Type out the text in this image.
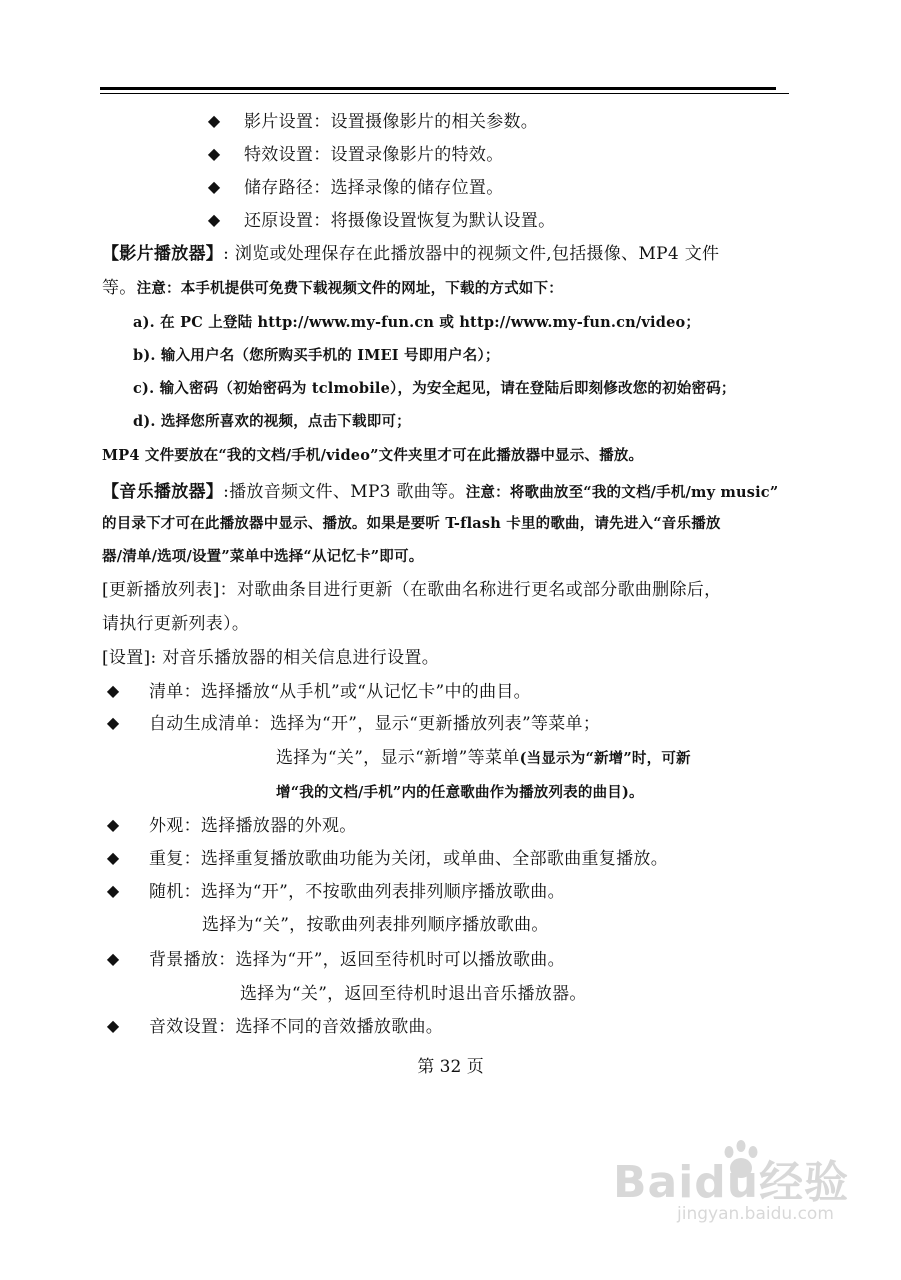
◆
影片设置：设置摄像影片的相关参数。
◆
特效设置：设置录像影片的特效。
◆
储存路径：选择录像的储存位置。
◆
还原设置：将摄像设置恢复为默认设置。
【影片播放器】: 浏览或处理保存在此播放器中的视频文件,包括摄像、MP4 文件
等。注意：本手机提供可免费下载视频文件的网址，下载的方式如下：
a). 在 PC 上登陆 http://www.my-fun.cn 或 http://www.my-fun.cn/video；
b). 输入用户名（您所购买手机的 IMEI 号即用户名）；
c). 输入密码（初始密码为 tclmobile），为安全起见，请在登陆后即刻修改您的初始密码；
d). 选择您所喜欢的视频，点击下载即可；
MP4 文件要放在“我的文档/手机/video”文件夹里才可在此播放器中显示、播放。
【音乐播放器】:播放音频文件、MP3 歌曲等。注意：将歌曲放至“我的文档/手机/my music”
的目录下才可在此播放器中显示、播放。如果是要听 T-flash 卡里的歌曲，请先进入“音乐播放
器/清单/选项/设置”菜单中选择“从记忆卡”即可。
[更新播放列表]：对歌曲条目进行更新（在歌曲名称进行更名或部分歌曲删除后，
请执行更新列表）。
[设置]: 对音乐播放器的相关信息进行设置。
◆
清单：选择播放“从手机”或“从记忆卡”中的曲目。
◆
自动生成清单：选择为“开”，显示“更新播放列表”等菜单；
选择为“关”，显示“新增”等菜单(当显示为“新增”时，可新
增“我的文档/手机”内的任意歌曲作为播放列表的曲目)。
◆
外观：选择播放器的外观。
◆
重复：选择重复播放歌曲功能为关闭，或单曲、全部歌曲重复播放。
◆
随机：选择为“开”，不按歌曲列表排列顺序播放歌曲。
选择为“关”，按歌曲列表排列顺序播放歌曲。
◆
背景播放：选择为“开”，返回至待机时可以播放歌曲。
选择为“关”，返回至待机时退出音乐播放器。
◆
音效设置：选择不同的音效播放歌曲。
第 32 页
Baidu经验
jingyan.baidu.com
